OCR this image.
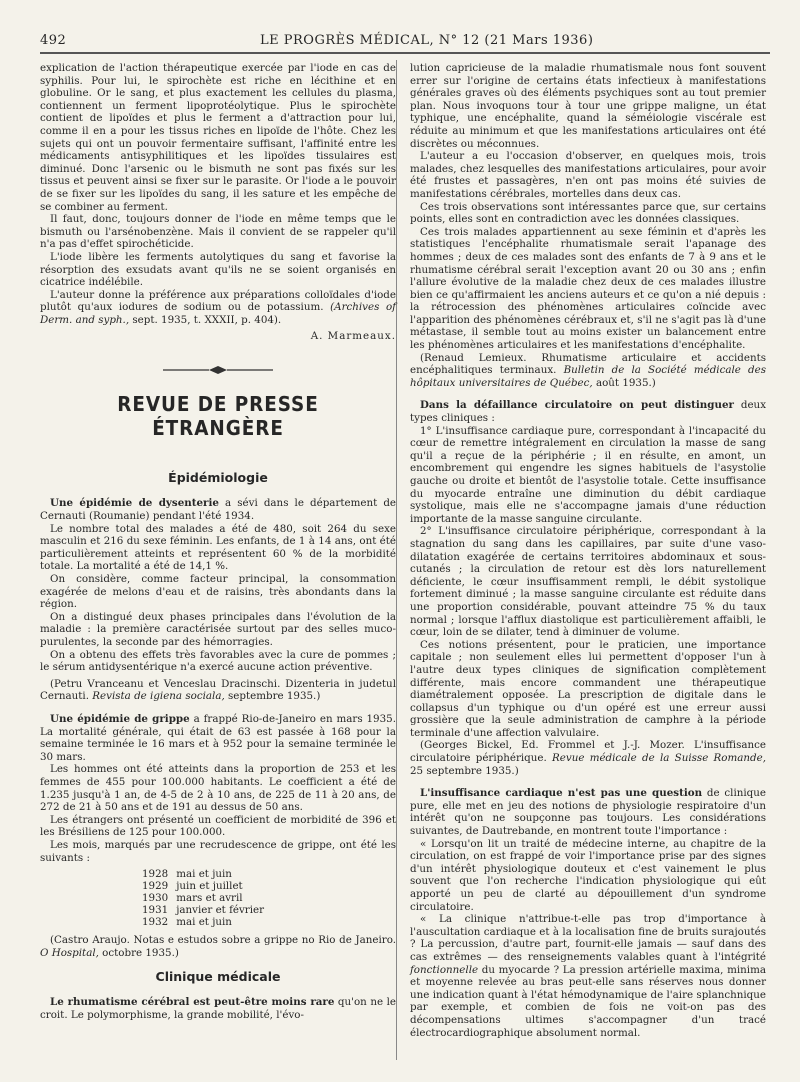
492	LE PROGRÈS MÉDICAL, N° 12 (21 Mars 1936)

explication de l'action thérapeutique exercée par l'iode en cas de syphilis. Pour lui, le spirochète est riche en lécithine et en globuline. Or le sang, et plus exactement les cellules du plasma, contiennent un ferment lipoprotéolytique. Plus le spirochète contient de lipoïdes et plus le ferment a d'attraction pour lui, comme il en a pour les tissus riches en lipoïde de l'hôte. Chez les sujets qui ont un pouvoir fermentaire suffisant, l'affinité entre les médicaments antisyphilitiques et les lipoïdes tissulaires est diminué. Donc l'arsenic ou le bismuth ne sont pas fixés sur les tissus et peuvent ainsi se fixer sur le parasite. Or l'iode a le pouvoir de se fixer sur les lipoïdes du sang, il les sature et les empêche de se combiner au ferment.

Il faut, donc, toujours donner de l'iode en même temps que le bismuth ou l'arsénobenzène. Mais il convient de se rappeler qu'il n'a pas d'effet spirochéticide.

L'iode libère les ferments autolytiques du sang et favorise la résorption des exsudats avant qu'ils ne se soient organisés en cicatrice indélébile.

L'auteur donne la préférence aux préparations colloïdales d'iode plutôt qu'aux iodures de sodium ou de potassium. (Archives of Derm. and syph., sept. 1935, t. XXXII, p. 404).

A. Marmeaux.
REVUE DE PRESSE ÉTRANGÈRE
Épidémiologie

Une épidémie de dysenterie a sévi dans le département de Cernauti (Roumanie) pendant l'été 1934.

Le nombre total des malades a été de 480, soit 264 du sexe masculin et 216 du sexe féminin. Les enfants, de 1 à 14 ans, ont été particulièrement atteints et représentent 60 % de la morbidité totale. La mortalité a été de 14,1 %.

On considère, comme facteur principal, la consommation exagérée de melons d'eau et de raisins, très abondants dans la région.

On a distingué deux phases principales dans l'évolution de la maladie : la première caractérisée surtout par des selles muco-purulentes, la seconde par des hémorragies.

On a obtenu des effets très favorables avec la cure de pommes ; le sérum antidysentérique n'a exercé aucune action préventive.

(Petru Vranceanu et Venceslau Dracinschi. Dizenteria in judetul Cernauti. Revista de igiena sociala, septembre 1935.)

Une épidémie de grippe a frappé Rio-de-Janeiro en mars 1935. La mortalité générale, qui était de 63 est passée à 168 pour la semaine terminée le 16 mars et à 952 pour la semaine terminée le 30 mars.

Les hommes ont été atteints dans la proportion de 253 et les femmes de 455 pour 100.000 habitants. Le coefficient a été de 1.235 jusqu'à 1 an, de 4-5 de 2 à 10 ans, de 225 de 11 à 20 ans, de 272 de 21 à 50 ans et de 191 au dessus de 50 ans.

Les étrangers ont présenté un coefficient de morbidité de 396 et les Brésiliens de 125 pour 100.000.

Les mois, marqués par une recrudescence de grippe, ont été les suivants :

1928	mai et juin
1929	juin et juillet
1930	mars et avril
1931	janvier et février
1932	mai et juin

(Castro Araujo. Notas e estudos sobre a grippe no Rio de Janeiro. O Hospital, octobre 1935.)

Clinique médicale

Le rhumatisme cérébral est peut-être moins rare qu'on ne le croit. Le polymorphisme, la grande mobilité, l'évo-

lution capricieuse de la maladie rhumatismale nous font souvent errer sur l'origine de certains états infectieux à manifestations générales graves où des éléments psychiques sont au tout premier plan. Nous invoquons tour à tour une grippe maligne, un état typhique, une encéphalite, quand la séméiologie viscérale est réduite au minimum et que les manifestations articulaires ont été discrètes ou méconnues.

L'auteur a eu l'occasion d'observer, en quelques mois, trois malades, chez lesquelles des manifestations articulaires, pour avoir été frustes et passagères, n'en ont pas moins été suivies de manifestations cérébrales, mortelles dans deux cas.

Ces trois observations sont intéressantes parce que, sur certains points, elles sont en contradiction avec les données classiques.

Ces trois malades appartiennent au sexe féminin et d'après les statistiques l'encéphalite rhumatismale serait l'apanage des hommes ; deux de ces malades sont des enfants de 7 à 9 ans et le rhumatisme cérébral serait l'exception avant 20 ou 30 ans ; enfin l'allure évolutive de la maladie chez deux de ces malades illustre bien ce qu'affirmaient les anciens auteurs et ce qu'on a nié depuis : la rétrocession des phénomènes articulaires coïncide avec l'apparition des phénomènes cérébraux et, s'il ne s'agit pas là d'une métastase, il semble tout au moins exister un balancement entre les phénomènes articulaires et les manifestations d'encéphalite.

(Renaud Lemieux. Rhumatisme articulaire et accidents encéphalitiques terminaux. Bulletin de la Société médicale des hôpitaux universitaires de Québec, août 1935.)

Dans la défaillance circulatoire on peut distinguer deux types cliniques :

1° L'insuffisance cardiaque pure, correspondant à l'incapacité du cœur de remettre intégralement en circulation la masse de sang qu'il a reçue de la périphérie ; il en résulte, en amont, un encombrement qui engendre les signes habituels de l'asystolie gauche ou droite et bientôt de l'asystolie totale. Cette insuffisance du myocarde entraîne une diminution du débit cardiaque systolique, mais elle ne s'accompagne jamais d'une réduction importante de la masse sanguine circulante.

2° L'insuffisance circulatoire périphérique, correspondant à la stagnation du sang dans les capillaires, par suite d'une vaso-dilatation exagérée de certains territoires abdominaux et sous-cutanés ; la circulation de retour est dès lors naturellement déficiente, le cœur insuffisamment rempli, le débit systolique fortement diminué ; la masse sanguine circulante est réduite dans une proportion considérable, pouvant atteindre 75 % du taux normal ; lorsque l'afflux diastolique est particulièrement affaibli, le cœur, loin de se dilater, tend à diminuer de volume.

Ces notions présentent, pour le praticien, une importance capitale ; non seulement elles lui permettent d'opposer l'un à l'autre deux types cliniques de signification complètement différente, mais encore commandent une thérapeutique diamétralement opposée. La prescription de digitale dans le collapsus d'un typhique ou d'un opéré est une erreur aussi grossière que la seule administration de camphre à la période terminale d'une affection valvulaire.

(Georges Bickel, Ed. Frommel et J.-J. Mozer. L'insuffisance circulatoire périphérique. Revue médicale de la Suisse Romande, 25 septembre 1935.)

L'insuffisance cardiaque n'est pas une question de clinique pure, elle met en jeu des notions de physiologie respiratoire d'un intérêt qu'on ne soupçonne pas toujours. Les considérations suivantes, de Dautrebande, en montrent toute l'importance :

« Lorsqu'on lit un traité de médecine interne, au chapitre de la circulation, on est frappé de voir l'importance prise par des signes d'un intérêt physiologique douteux et c'est vainement le plus souvent que l'on recherche l'indication physiologique qui eût apporté un peu de clarté au dépouillement d'un syndrome circulatoire.

« La clinique n'attribue-t-elle pas trop d'importance à l'auscultation cardiaque et à la localisation fine de bruits surajoutés ? La percussion, d'autre part, fournit-elle jamais — sauf dans des cas extrêmes — des renseignements valables quant à l'intégrité fonctionnelle du myocarde ? La pression artérielle maxima, minima et moyenne relevée au bras peut-elle sans réserves nous donner une indication quant à l'état hémodynamique de l'aire splanchnique par exemple, et combien de fois ne voit-on pas des décompensations ultimes s'accompagner d'un tracé électrocardiographique absolument normal.
